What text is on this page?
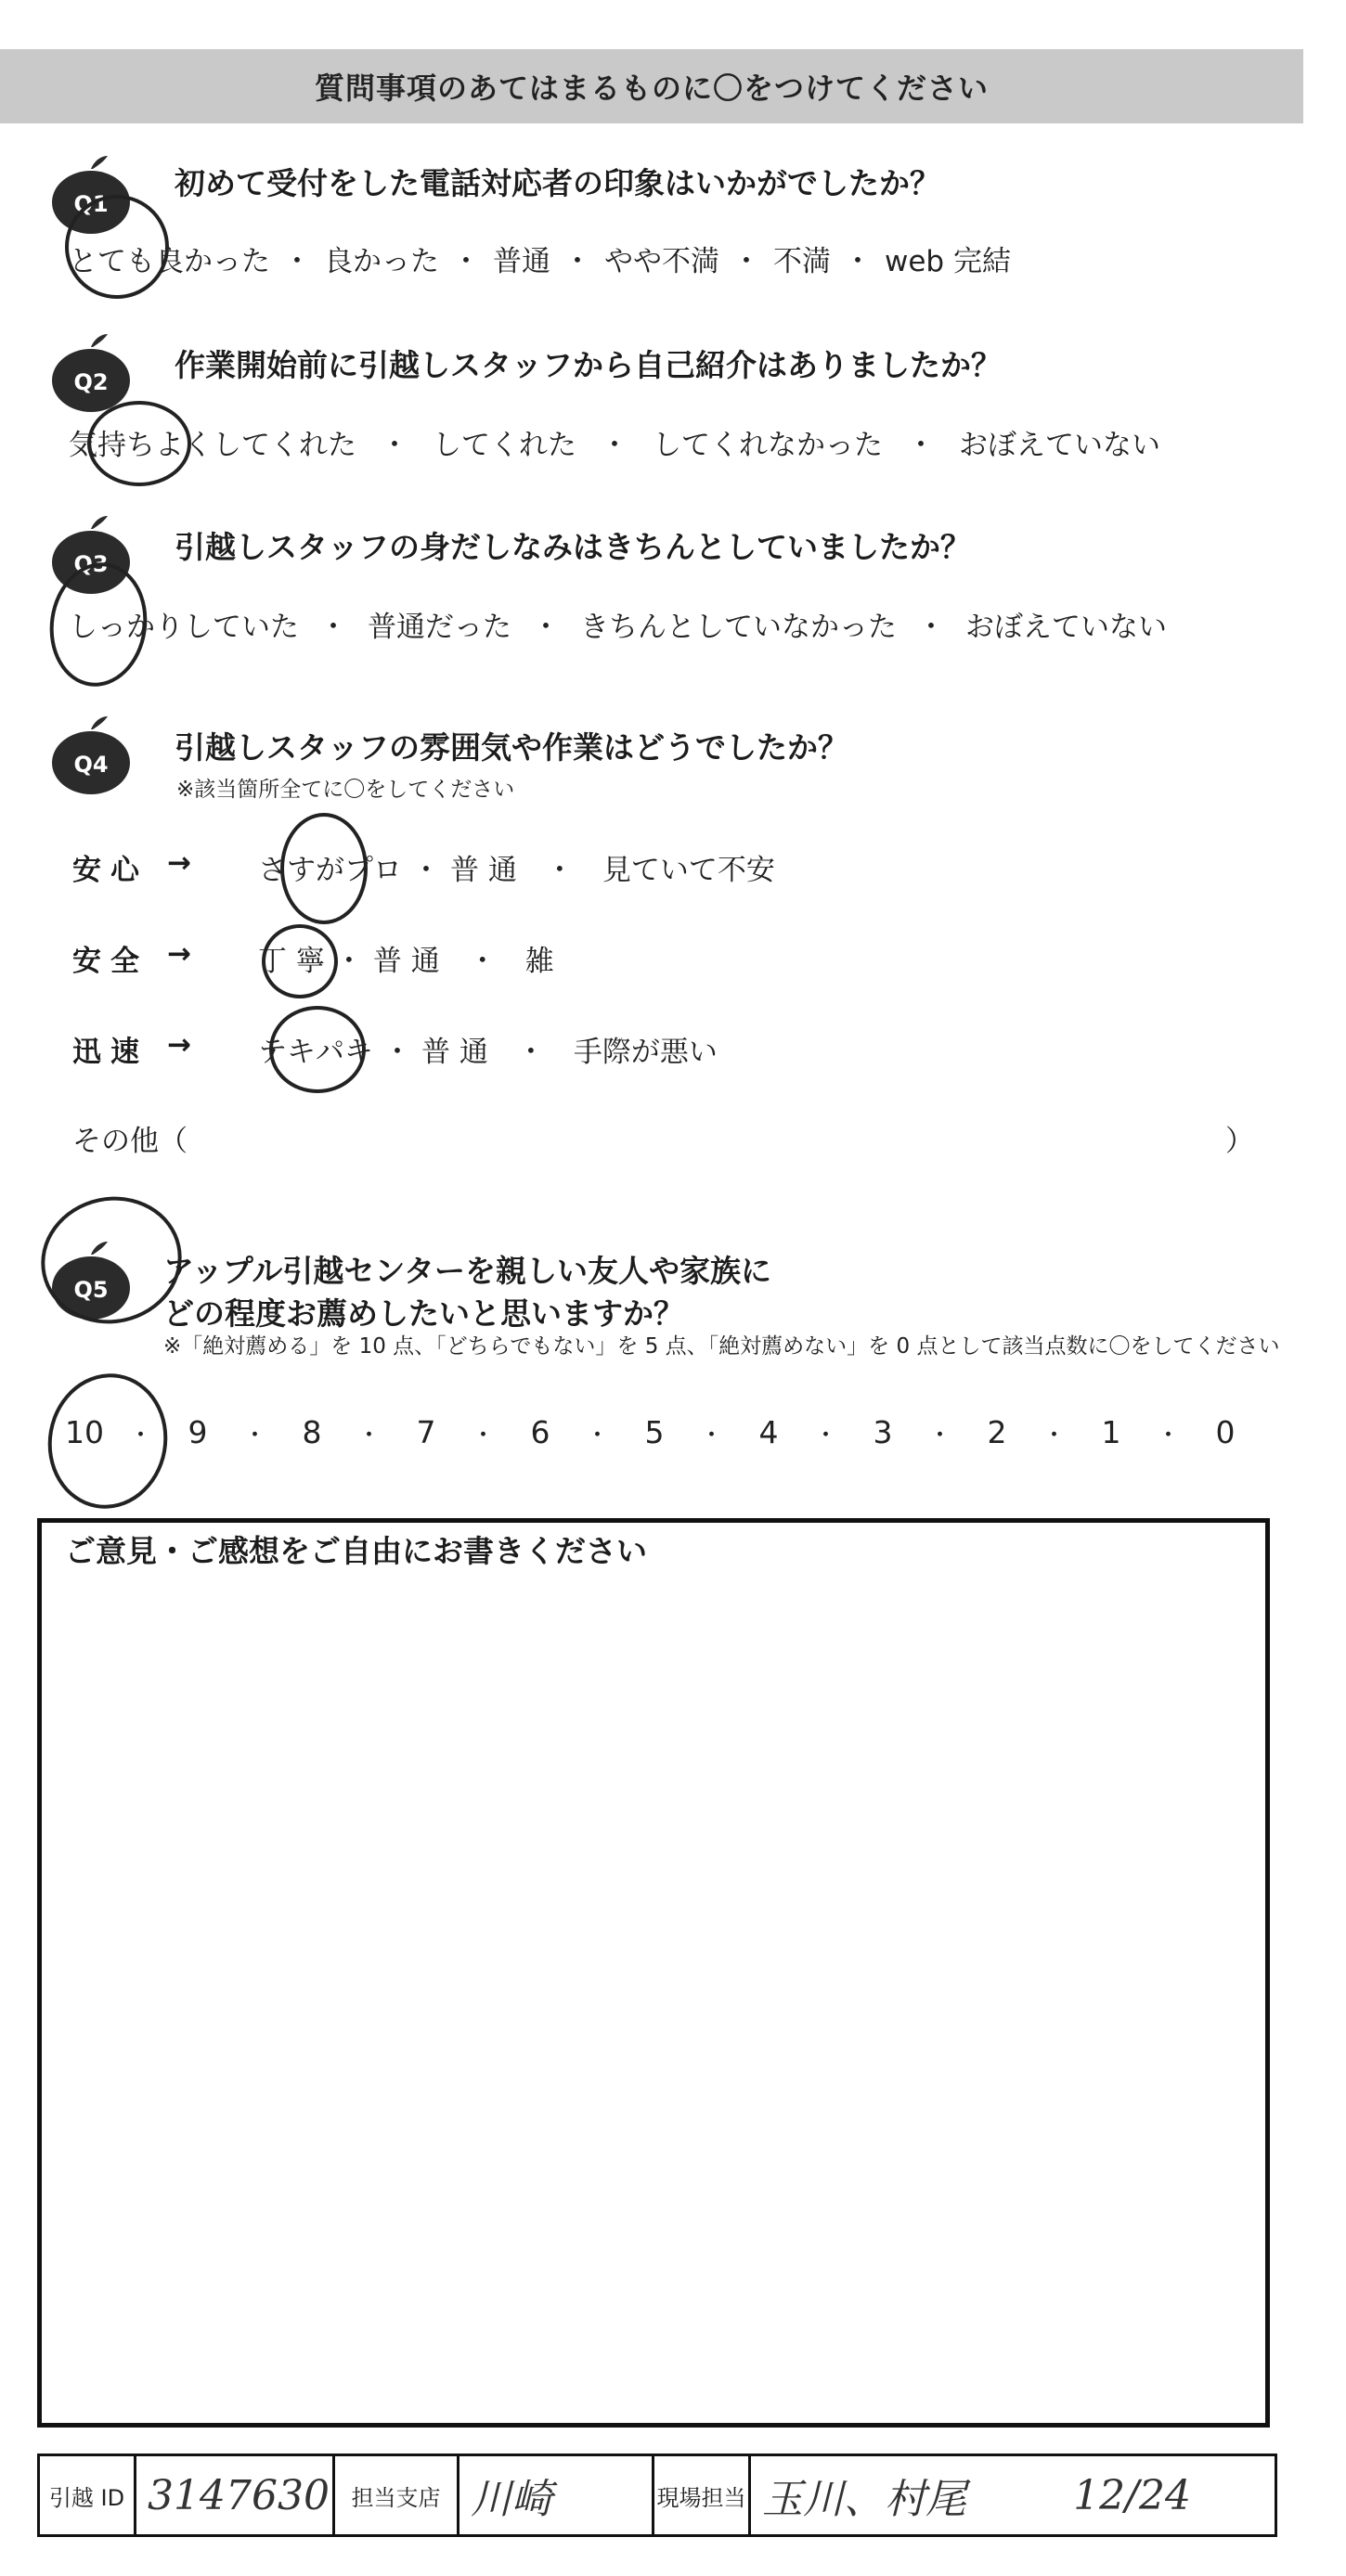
質問事項のあてはまるものに〇をつけてください
Q1
初めて受付をした電話対応者の印象はいかがでしたか？
とても良かった ・ 良かった ・ 普通 ・ やや不満 ・ 不満 ・ web 完結
Q2 作業開始前に引越しスタッフから自己紹介はありましたか？
気持ちよくしてくれた ・ してくれた ・ してくれなかった ・ おぼえていない
Q3 引越しスタッフの身だしなみはきちんとしていましたか？
しっかりしていた ・ 普通だった ・ きちんとしていなかった ・ おぼえていない
Q4 引越しスタッフの雰囲気や作業はどうでしたか？
※該当箇所全てに〇をしてください
安心 → さすがプロ ・ 普 通 ・ 見ていて不安
安全 → 丁 寧 ・ 普 通 ・ 雑
迅速 → テキパキ ・ 普 通 ・ 手際が悪い
その他（	）
Q5
アップル引越センターを親しい友人や家族に
どの程度お薦めしたいと思いますか？
※「絶対薦める」を 10 点、「どちらでもない」を 5 点、「絶対薦めない」を 0 点として該当点数に〇をしてください
10 ・ 9	・ 8	・ 7	・ 6	・ 5	・ 4	・ 3	・ 2	・ 1	・ 0
ご意見・ご感想をご自由にお書きください
引越 ID 3147630 担当支店 川崎	現場担当 玉川、村尾	12/24
